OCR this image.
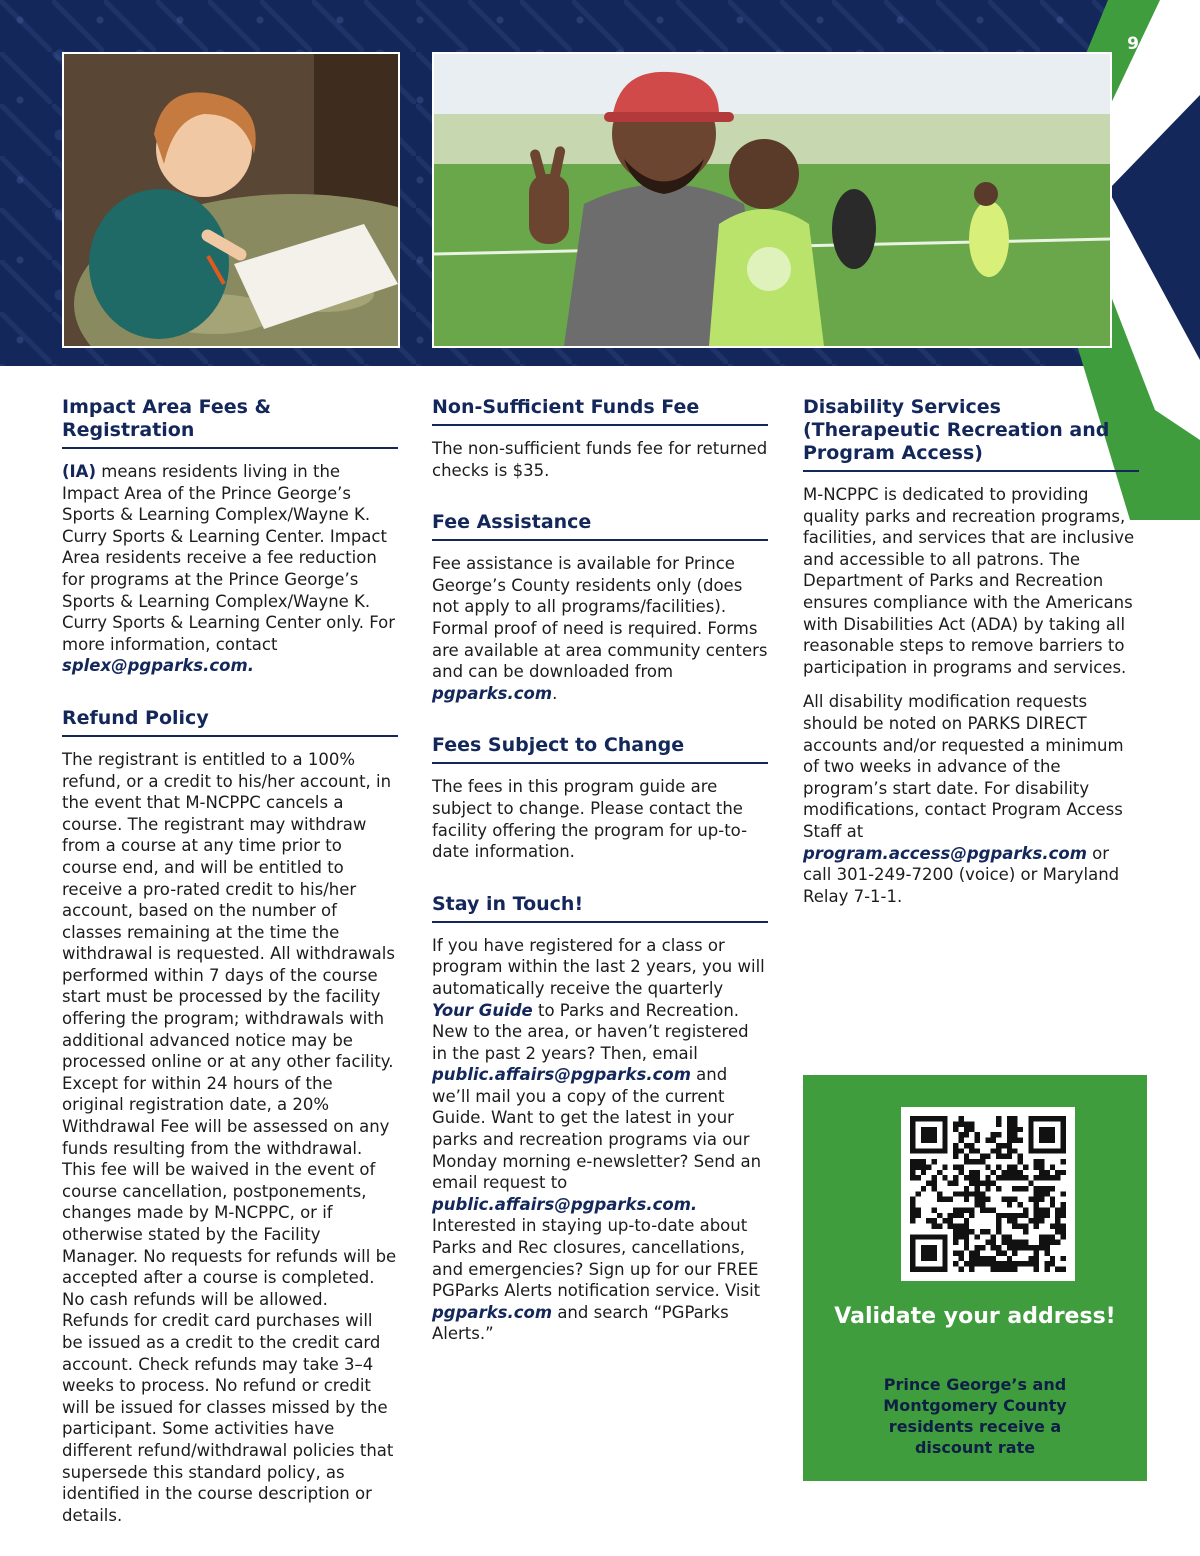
9
Impact Area Fees & Registration

(IA) means residents living in the Impact Area of the Prince George’s Sports & Learning Complex/Wayne K. Curry Sports & Learning Center. Impact Area residents receive a fee reduction for programs at the Prince George’s Sports & Learning Complex/Wayne K. Curry Sports & Learning Center only. For more information, contact splex@pgparks.com.

Refund Policy

The registrant is entitled to a 100% refund, or a credit to his/her account, in the event that M-NCPPC cancels a course. The registrant may withdraw from a course at any time prior to course end, and will be entitled to receive a pro-rated credit to his/her account, based on the number of classes remaining at the time the withdrawal is requested. All withdrawals performed within 7 days of the course start must be processed by the facility offering the program; withdrawals with additional advanced notice may be processed online or at any other facility. Except for within 24 hours of the original registration date, a 20% Withdrawal Fee will be assessed on any funds resulting from the withdrawal. This fee will be waived in the event of course cancellation, postponements, changes made by M-NCPPC, or if otherwise stated by the Facility Manager. No requests for refunds will be accepted after a course is completed. No cash refunds will be allowed. Refunds for credit card purchases will be issued as a credit to the credit card account. Check refunds may take 3–4 weeks to process. No refund or credit will be issued for classes missed by the participant. Some activities have different refund/withdrawal policies that supersede this standard policy, as identified in the course description or details.

Non-Sufficient Funds Fee

The non-sufficient funds fee for returned checks is $35.

Fee Assistance

Fee assistance is available for Prince George’s County residents only (does not apply to all programs/facilities). Formal proof of need is required. Forms are available at area community centers and can be downloaded from pgparks.com.

Fees Subject to Change

The fees in this program guide are subject to change. Please contact the facility offering the program for up-to-date information.

Stay in Touch!

If you have registered for a class or program within the last 2 years, you will automatically receive the quarterly Your Guide to Parks and Recreation. New to the area, or haven’t registered in the past 2 years? Then, email public.affairs@pgparks.com and we’ll mail you a copy of the current Guide. Want to get the latest in your parks and recreation programs via our Monday morning e-newsletter? Send an email request to public.affairs@pgparks.com. Interested in staying up-to-date about Parks and Rec closures, cancellations, and emergencies? Sign up for our FREE PGParks Alerts notification service. Visit pgparks.com and search “PGParks Alerts.”

Disability Services (Therapeutic Recreation and Program Access)

M-NCPPC is dedicated to providing quality parks and recreation programs, facilities, and services that are inclusive and accessible to all patrons. The Department of Parks and Recreation ensures compliance with the Americans with Disabilities Act (ADA) by taking all reasonable steps to remove barriers to participation in programs and services.

All disability modification requests should be noted on PARKS DIRECT accounts and/or requested a minimum of two weeks in advance of the program’s start date. For disability modifications, contact Program Access Staff at program.access@pgparks.com or call 301-249-7200 (voice) or Maryland Relay 7-1-1.

Validate your address!
Prince George’s and Montgomery County residents receive a discount rate
